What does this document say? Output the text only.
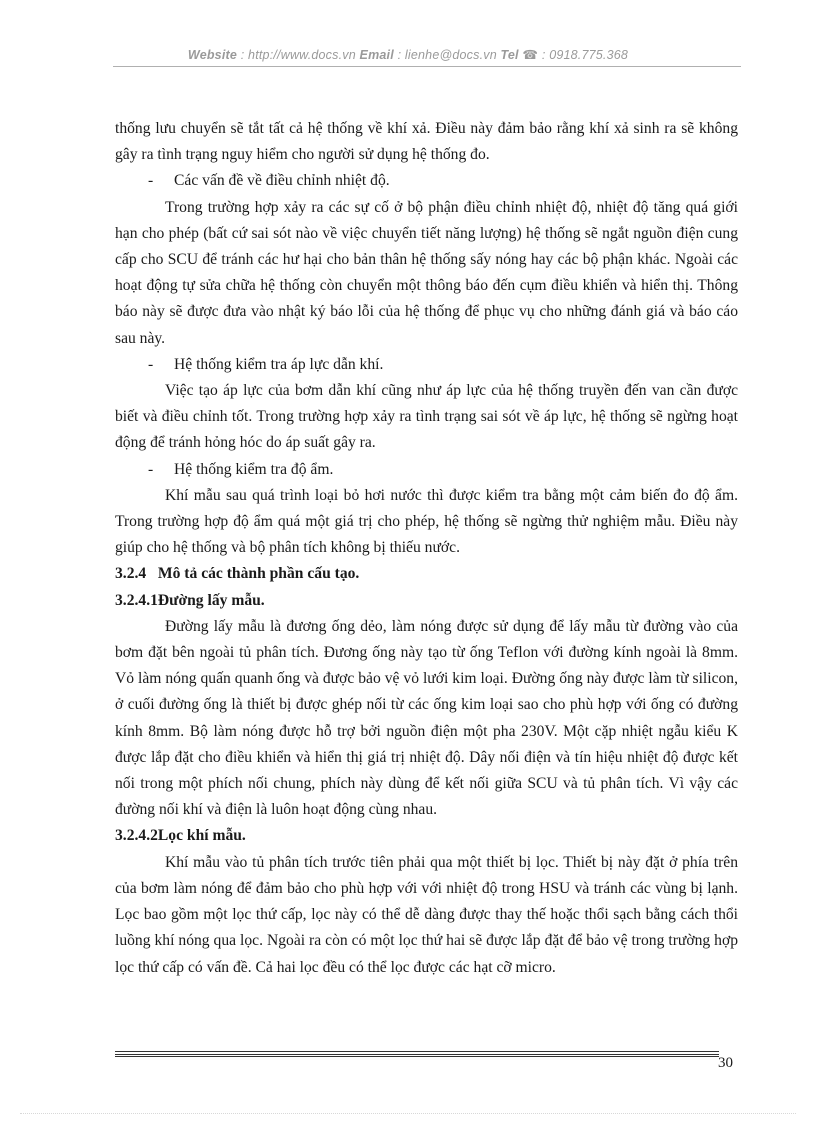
Website : http://www.docs.vn Email : lienhe@docs.vn Tel ☎ : 0918.775.368

thống lưu chuyển sẽ tắt tất cả hệ thống về khí xả. Điều này đảm bảo rằng khí xả sinh ra sẽ không gây ra tình trạng nguy hiểm cho người sử dụng hệ thống đo.

- Các vấn đề về điều chỉnh nhiệt độ.

Trong trường hợp xảy ra các sự cố ở bộ phận điều chỉnh nhiệt độ, nhiệt độ tăng quá giới hạn cho phép (bất cứ sai sót nào về việc chuyển tiết năng lượng) hệ thống sẽ ngắt nguồn điện cung cấp cho SCU để tránh các hư hại cho bản thân hệ thống sấy nóng hay các bộ phận khác. Ngoài các hoạt động tự sửa chữa hệ thống còn chuyển một thông báo đến cụm điều khiển và hiển thị. Thông báo này sẽ được đưa vào nhật ký báo lỗi của hệ thống để phục vụ cho những đánh giá và báo cáo sau này.

- Hệ thống kiểm tra áp lực dẫn khí.

Việc tạo áp lực của bơm dẫn khí cũng như áp lực của hệ thống truyền đến van cần được biết và điều chỉnh tốt. Trong trường hợp xảy ra tình trạng sai sót về áp lực, hệ thống sẽ ngừng hoạt động để tránh hỏng hóc do áp suất gây ra.

- Hệ thống kiểm tra độ ẩm.

Khí mẫu sau quá trình loại bỏ hơi nước thì được kiểm tra bằng một cảm biến đo độ ẩm. Trong trường hợp độ ẩm quá một giá trị cho phép, hệ thống sẽ ngừng thử nghiệm mẫu. Điều này giúp cho hệ thống và bộ phân tích không bị thiếu nước.

3.2.4 Mô tả các thành phần cấu tạo.

3.2.4.1Đường lấy mẫu.

Đường lấy mẫu là đương ống dẻo, làm nóng được sử dụng để lấy mẫu từ đường vào của bơm đặt bên ngoài tủ phân tích. Đương ống này tạo từ ống Teflon với đường kính ngoài là 8mm. Vỏ làm nóng quấn quanh ống và được bảo vệ vỏ lưới kim loại. Đường ống này được làm từ silicon, ở cuối đường ống là thiết bị được ghép nối từ các ống kim loại sao cho phù hợp với ống có đường kính 8mm. Bộ làm nóng được hỗ trợ bởi nguồn điện một pha 230V. Một cặp nhiệt ngẫu kiểu K được lắp đặt cho điều khiển và hiển thị giá trị nhiệt độ. Dây nối điện và tín hiệu nhiệt độ được kết nối trong một phích nối chung, phích này dùng để kết nối giữa SCU và tủ phân tích. Vì vậy các đường nối khí và điện là luôn hoạt động cùng nhau.

3.2.4.2Lọc khí mẫu.

Khí mẫu vào tủ phân tích trước tiên phải qua một thiết bị lọc. Thiết bị này đặt ở phía trên của bơm làm nóng để đảm bảo cho phù hợp với với nhiệt độ trong HSU và tránh các vùng bị lạnh. Lọc bao gồm một lọc thứ cấp, lọc này có thể dễ dàng được thay thế hoặc thổi sạch bằng cách thổi luồng khí nóng qua lọc. Ngoài ra còn có một lọc thứ hai sẽ được lắp đặt để bảo vệ trong trường hợp lọc thứ cấp có vấn đề. Cả hai lọc đều có thể lọc được các hạt cỡ micro.

30
